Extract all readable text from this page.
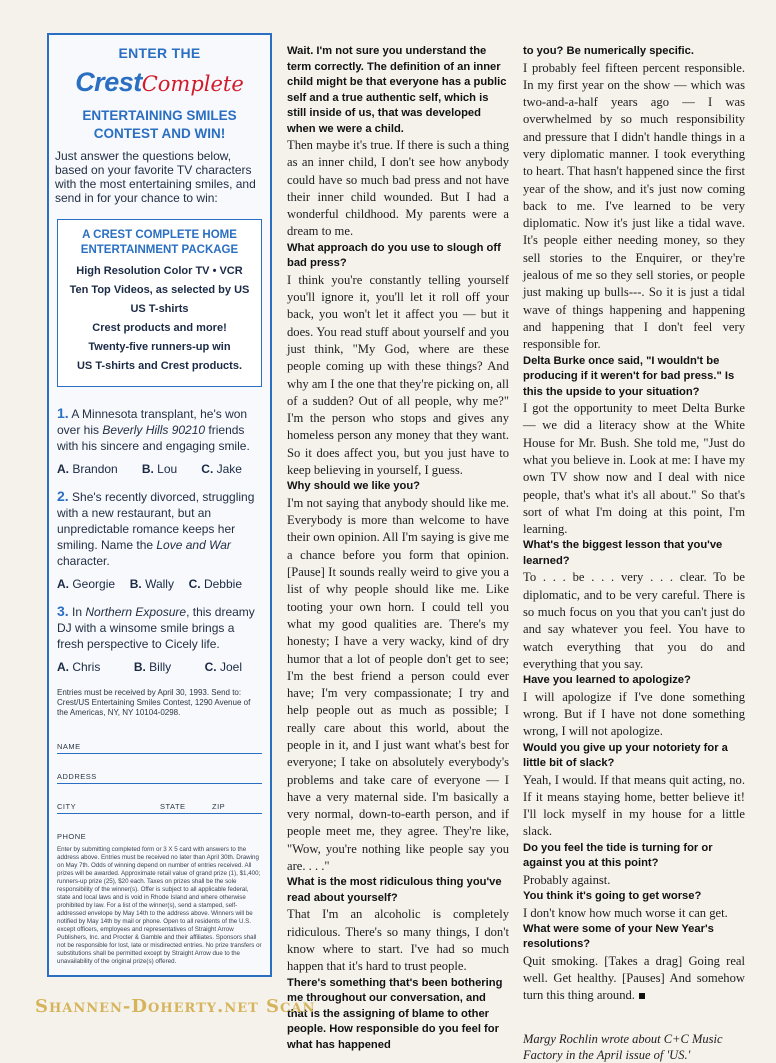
ENTER THE
CrestComplete
ENTERTAINING SMILES
CONTEST AND WIN!
Just answer the questions below, based on your favorite TV characters with the most entertaining smiles, and send in for your chance to win:
A CREST COMPLETE HOME
ENTERTAINMENT PACKAGE
High Resolution Color TV • VCR
Ten Top Videos, as selected by US
US T-shirts
Crest products and more!
Twenty-five runners-up win
US T-shirts and Crest products.

1. A Minnesota transplant, he's won over his Beverly Hills 90210 friends with his sincere and engaging smile.

A. Brandon B. Lou C. Jake

2. She's recently divorced, struggling with a new restaurant, but an unpredictable romance keeps her smiling. Name the Love and War character.

A. Georgie B. Wally C. Debbie

3. In Northern Exposure, this dreamy DJ with a winsome smile brings a fresh perspective to Cicely life.

A. Chris	B. Billy	C. Joel
Entries must be received by April 30, 1993. Send to: Crest/US Entertaining Smiles Contest, 1290 Avenue of the Americas, NY, NY 10104-0298.
NAME
ADDRESS
CITY	STATE	ZIP
PHONE
Enter by submitting completed form or 3 X 5 card with answers to the address above. Entries must be received no later than April 30th. Drawing on May 7th. Odds of winning depend on number of entries received. All prizes will be awarded. Approximate retail value of grand prize (1), $1,400; runners-up prize (25), $20 each. Taxes on prizes shall be the sole responsibility of the winner(s). Offer is subject to all applicable federal, state and local laws and is void in Rhode Island and where otherwise prohibited by law. For a list of the winner(s), send a stamped, self-addressed envelope by May 14th to the address above. Winners will be notified by May 14th by mail or phone. Open to all residents of the U.S. except officers, employees and representatives of Straight Arrow Publishers, Inc. and Procter & Gamble and their affiliates. Sponsors shall not be responsible for lost, late or misdirected entries. No prize transfers or substitutions shall be permitted except by Straight Arrow due to the unavailability of the original prize(s) offered.

Wait. I'm not sure you understand the term correctly. The definition of an inner child might be that everyone has a public self and a true authentic self, which is still inside of us, that was developed when we were a child.

Then maybe it's true. If there is such a thing as an inner child, I don't see how anybody could have so much bad press and not have their inner child wounded. But I had a wonderful childhood. My parents were a dream to me.

What approach do you use to slough off bad press?

I think you're constantly telling yourself you'll ignore it, you'll let it roll off your back, you won't let it affect you — but it does. You read stuff about yourself and you just think, "My God, where are these people coming up with these things? And why am I the one that they're picking on, all of a sudden? Out of all people, why me?" I'm the person who stops and gives any homeless person any money that they want. So it does affect you, but you just have to keep believing in yourself, I guess.

Why should we like you?

I'm not saying that anybody should like me. Everybody is more than welcome to have their own opinion. All I'm saying is give me a chance before you form that opinion. [Pause] It sounds really weird to give you a list of why people should like me. Like tooting your own horn. I could tell you what my good qualities are. There's my honesty; I have a very wacky, kind of dry humor that a lot of people don't get to see; I'm the best friend a person could ever have; I'm very compassionate; I try and help people out as much as possible; I really care about this world, about the people in it, and I just want what's best for everyone; I take on absolutely everybody's problems and take care of everyone — I have a very maternal side. I'm basically a very normal, down-to-earth person, and if people meet me, they agree. They're like, "Wow, you're nothing like people say you are. . . ."

What is the most ridiculous thing you've read about yourself?

That I'm an alcoholic is completely ridiculous. There's so many things, I don't know where to start. I've had so much happen that it's hard to trust people.

There's something that's been bothering me throughout our conversation, and that is the assigning of blame to other people. How responsible do you feel for what has happened

to you? Be numerically specific.

I probably feel fifteen percent responsible. In my first year on the show — which was two-and-a-half years ago — I was overwhelmed by so much responsibility and pressure that I didn't handle things in a very diplomatic manner. I took everything to heart. That hasn't happened since the first year of the show, and it's just now coming back to me. I've learned to be very diplomatic. Now it's just like a tidal wave. It's people either needing money, so they sell stories to the Enquirer, or they're jealous of me so they sell stories, or people just making up bulls---. So it is just a tidal wave of things happening and happening and happening that I don't feel very responsible for.

Delta Burke once said, "I wouldn't be producing if it weren't for bad press." Is this the upside to your situation?

I got the opportunity to meet Delta Burke — we did a literacy show at the White House for Mr. Bush. She told me, "Just do what you believe in. Look at me: I have my own TV show now and I deal with nice people, that's what it's all about." So that's sort of what I'm doing at this point, I'm learning.

What's the biggest lesson that you've learned?

To . . . be . . . very . . . clear. To be diplomatic, and to be very careful. There is so much focus on you that you can't just do and say whatever you feel. You have to watch everything that you do and everything that you say.

Have you learned to apologize?

I will apologize if I've done something wrong. But if I have not done something wrong, I will not apologize.

Would you give up your notoriety for a little bit of slack?

Yeah, I would. If that means quit acting, no. If it means staying home, better believe it! I'll lock myself in my house for a little slack.

Do you feel the tide is turning for or against you at this point?

Probably against.

You think it's going to get worse?

I don't know how much worse it can get.

What were some of your New Year's resolutions?

Quit smoking. [Takes a drag] Going real well. Get healthy. [Pauses] And somehow turn this thing around.

Margy Rochlin wrote about C+C Music Factory in the April issue of 'US.'

Shannen-Doherty.net Scan
